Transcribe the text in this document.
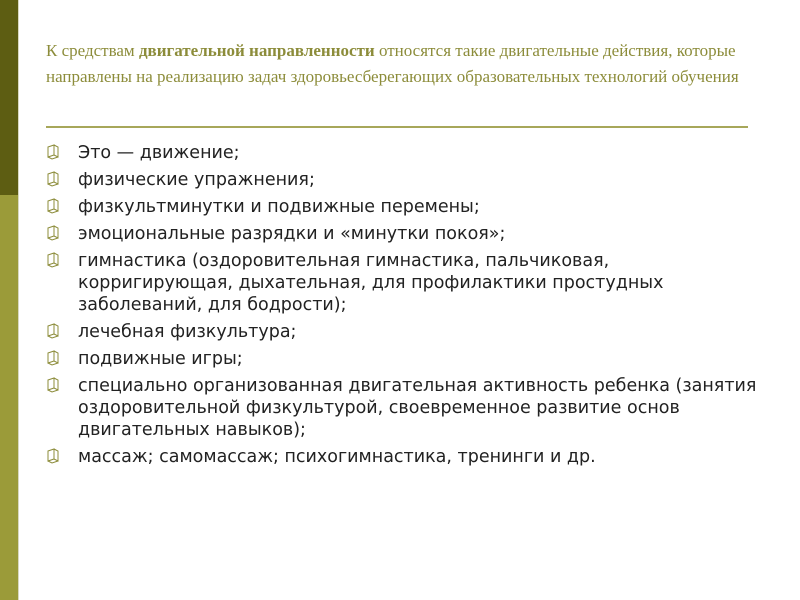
К средствам двигательной направленности относятся такие двигательные действия, которые направлены на реализацию задач здоровьесберегающих образовательных технологий обучения
Это — движение;
физические упражнения;
физкультминутки и подвижные перемены;
эмоциональные разрядки и «минутки покоя»;
гимнастика (оздоровительная гимнастика, пальчиковая, корригирующая, дыхательная, для профилактики простудных заболеваний, для бодрости);
лечебная физкультура;
подвижные игры;
специально организованная двигательная активность ребенка (занятия оздоровительной физкультурой, своевременное развитие основ двигательных навыков);
массаж; самомассаж; психогимнастика, тренинги и др.
